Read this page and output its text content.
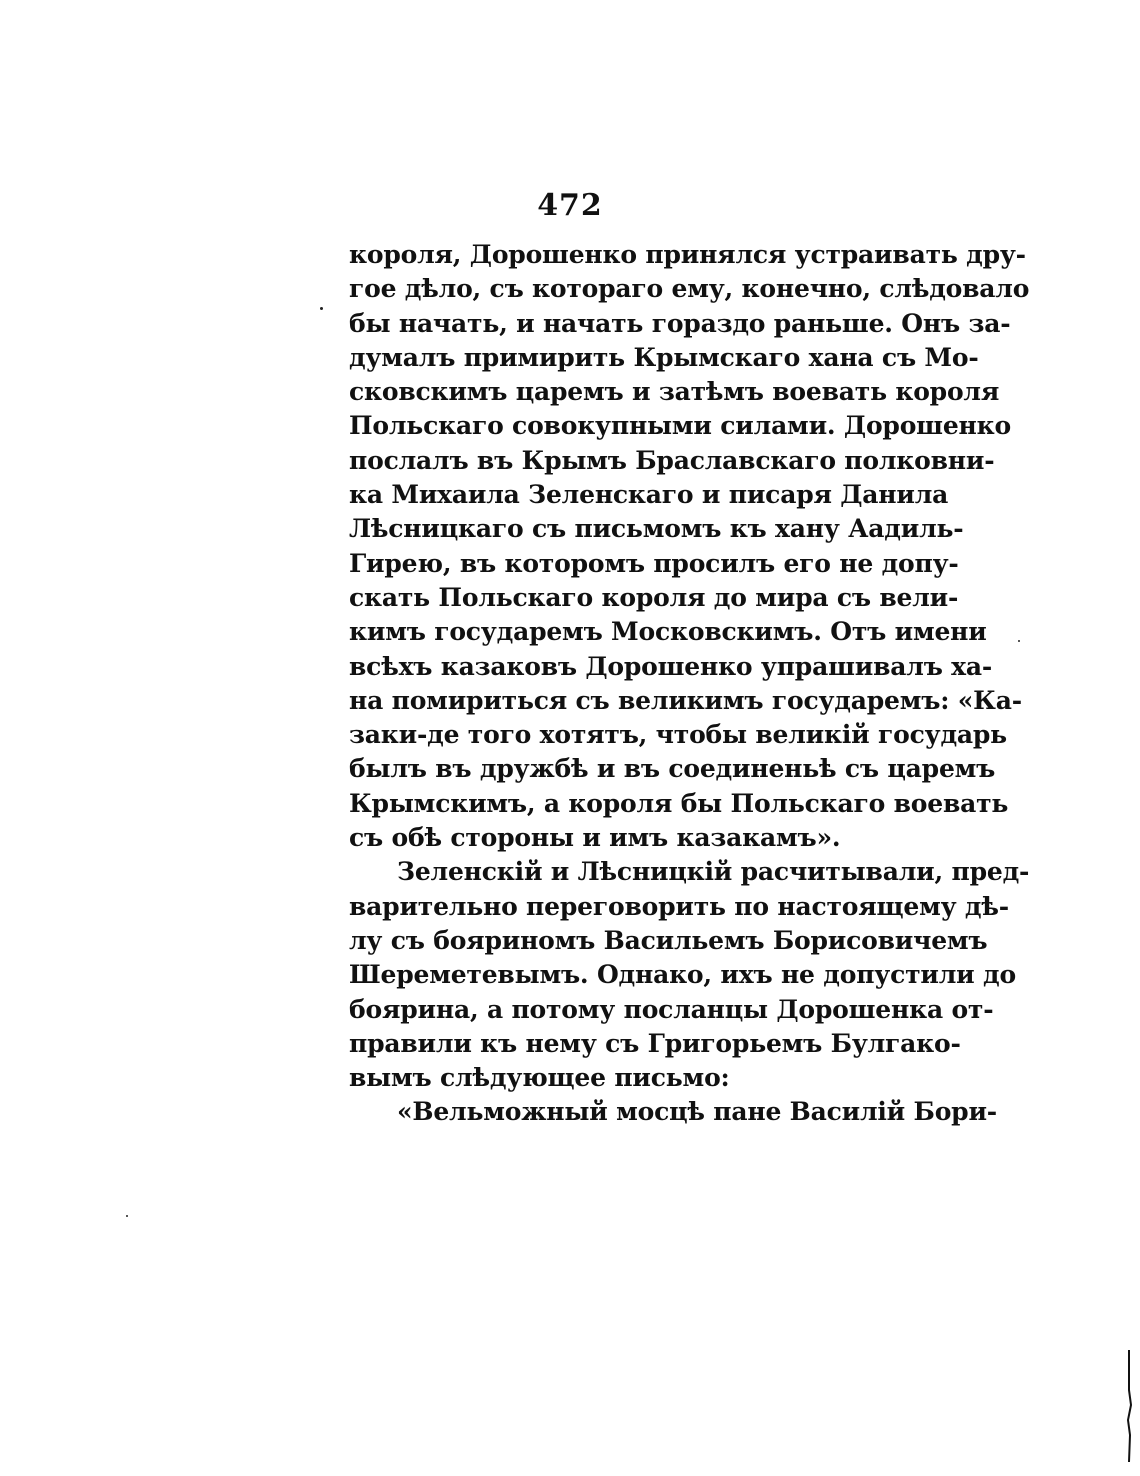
472
короля, Дорошенко принялся устраивать дру-
гое дѣло, съ котораго ему, конечно, слѣдовало
бы начать, и начать гораздо раньше. Онъ за-
думалъ примирить Крымскаго хана съ Мо-
сковскимъ царемъ и затѣмъ воевать короля
Польскаго совокупными силами. Дорошенко
послалъ въ Крымъ Браславскаго полковни-
ка Михаила Зеленскаго и писаря Данила
Лѣсницкаго съ письмомъ къ хану Аадиль-
Гирею, въ которомъ просилъ его не допу-
скать Польскаго короля до мира съ вели-
кимъ государемъ Московскимъ. Отъ имени
всѣхъ казаковъ Дорошенко упрашивалъ ха-
на помириться съ великимъ государемъ: «Ка-
заки-де того хотятъ, чтобы великій государь
былъ въ дружбѣ и въ соединеньѣ съ царемъ
Крымскимъ, а короля бы Польскаго воевать
съ обѣ стороны и имъ казакамъ».
Зеленскій и Лѣсницкій расчитывали, пред-
варительно переговорить по настоящему дѣ-
лу съ бояриномъ Васильемъ Борисовичемъ
Шереметевымъ. Однако, ихъ не допустили до
боярина, а потому посланцы Дорошенка от-
правили къ нему съ Григорьемъ Булгако-
вымъ слѣдующее письмо:
«Вельможный мосцѣ пане Василій Бори-
